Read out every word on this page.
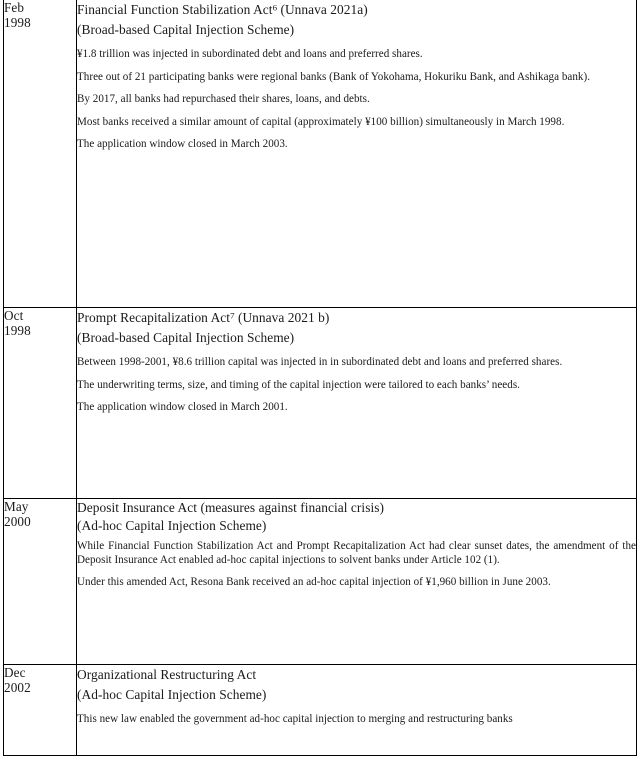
Feb
1998

Financial Function Stabilization Act$^6$ (Unnava 2021a)
(Broad-based Capital Injection Scheme)

¥1.8 trillion was injected in subordinated debt and loans and preferred shares.

Three out of 21 participating banks were regional banks (Bank of Yokohama, Hokuriku Bank, and Ashikaga bank).

By 2017, all banks had repurchased their shares, loans, and debts.

Most banks received a similar amount of capital (approximately ¥100 billion) simultaneously in March 1998.

The application window closed in March 2003.

Oct
1998

Prompt Recapitalization Act$^7$ (Unnava 2021 b)
(Broad-based Capital Injection Scheme)

Between 1998-2001, ¥8.6 trillion capital was injected in in subordinated debt and loans and preferred shares.

The underwriting terms, size, and timing of the capital injection were tailored to each banks’ needs.

The application window closed in March 2001.

May
2000

Deposit Insurance Act (measures against financial crisis)
(Ad-hoc Capital Injection Scheme)

While Financial Function Stabilization Act and Prompt Recapitalization Act had clear sunset dates, the amendment of the Deposit Insurance Act enabled ad-hoc capital injections to solvent banks under Article 102 (1).

Under this amended Act, Resona Bank received an ad-hoc capital injection of ¥1,960 billion in June 2003.

Dec
2002

Organizational Restructuring Act
(Ad-hoc Capital Injection Scheme)

This new law enabled the government ad-hoc capital injection to merging and restructuring banks
